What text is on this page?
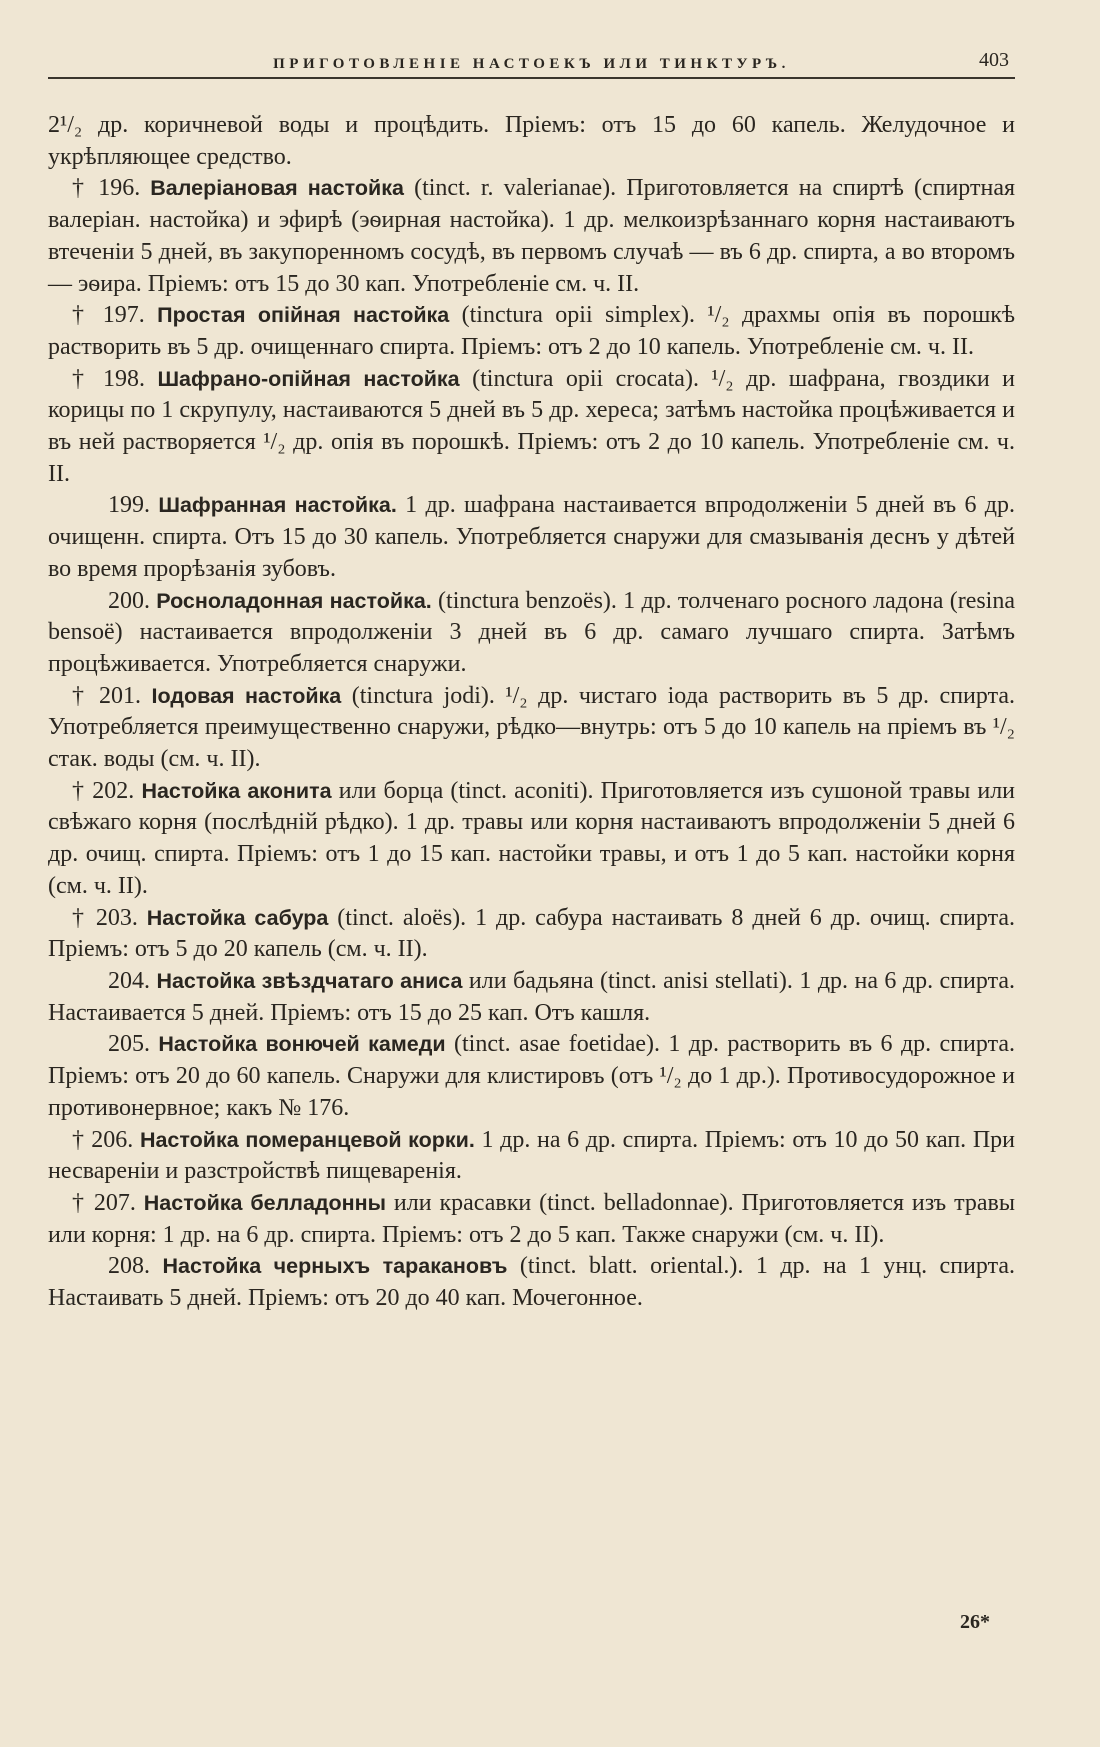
ПРИГОТОВЛЕНІЕ НАСТОЕКЪ ИЛИ ТИНКТУРЪ.	403

2¹/₂ др. коричневой воды и процѣдить. Пріемъ: отъ 15 до 60 капель. Желудочное и укрѣпляющее средство.

† 196. Валеріановая настойка (tinct. r. valerianae). Приготовляется на спиртѣ (спиртная валеріан. настойка) и эфирѣ (эѳирная настойка). 1 др. мелкоизрѣзаннаго корня настаиваютъ втеченіи 5 дней, въ закупоренномъ сосудѣ, въ первомъ случаѣ — въ 6 др. спирта, а во второмъ — эѳира. Пріемъ: отъ 15 до 30 кап. Употребленіе см. ч. II.

† 197. Простая опійная настойка (tinctura opii simplex). ¹/₂ драхмы опія въ порошкѣ растворить въ 5 др. очищеннаго спирта. Пріемъ: отъ 2 до 10 капель. Употребленіе см. ч. II.

† 198. Шафрано-опійная настойка (tinctura opii crocata). ¹/₂ др. шафрана, гвоздики и корицы по 1 скрупулу, настаиваются 5 дней въ 5 др. хереса; затѣмъ настойка процѣживается и въ ней растворяется ¹/₂ др. опія въ порошкѣ. Пріемъ: отъ 2 до 10 капель. Употребленіе см. ч. II.

199. Шафранная настойка. 1 др. шафрана настаивается впродолженіи 5 дней въ 6 др. очищенн. спирта. Отъ 15 до 30 капель. Употребляется снаружи для смазыванія деснъ у дѣтей во время прорѣзанія зубовъ.

200. Росноладонная настойка. (tinctura benzoës). 1 др. толченаго росного ладона (resina bensoë) настаивается впродолженіи 3 дней въ 6 др. самаго лучшаго спирта. Затѣмъ процѣживается. Употребляется снаружи.

† 201. Іодовая настойка (tinctura jodi). ¹/₂ др. чистаго іода растворить въ 5 др. спирта. Употребляется преимущественно снаружи, рѣдко—внутрь: отъ 5 до 10 капель на пріемъ въ ¹/₂ стак. воды (см. ч. II).

† 202. Настойка аконита или борца (tinct. aconiti). Приготовляется изъ сушоной травы или свѣжаго корня (послѣдній рѣдко). 1 др. травы или корня настаиваютъ впродолженіи 5 дней 6 др. очищ. спирта. Пріемъ: отъ 1 до 15 кап. настойки травы, и отъ 1 до 5 кап. настойки корня (см. ч. II).

† 203. Настойка сабура (tinct. aloës). 1 др. сабура настаивать 8 дней 6 др. очищ. спирта. Пріемъ: отъ 5 до 20 капель (см. ч. II).

204. Настойка звѣздчатаго аниса или бадьяна (tinct. anisi stellati). 1 др. на 6 др. спирта. Настаивается 5 дней. Пріемъ: отъ 15 до 25 кап. Отъ кашля.

205. Настойка вонючей камеди (tinct. asae foetidae). 1 др. растворить въ 6 др. спирта. Пріемъ: отъ 20 до 60 капель. Снаружи для клистировъ (отъ ¹/₂ до 1 др.). Противосудорожное и противонервное; какъ № 176.

† 206. Настойка померанцевой корки. 1 др. на 6 др. спирта. Пріемъ: отъ 10 до 50 кап. При несвареніи и разстройствѣ пищеваренія.

† 207. Настойка белладонны или красавки (tinct. belladonnae). Приготовляется изъ травы или корня: 1 др. на 6 др. спирта. Пріемъ: отъ 2 до 5 кап. Также снаружи (см. ч. II).

208. Настойка черныхъ таракановъ (tinct. blatt. oriental.). 1 др. на 1 унц. спирта. Настаивать 5 дней. Пріемъ: отъ 20 до 40 кап. Мочегонное.

26*
